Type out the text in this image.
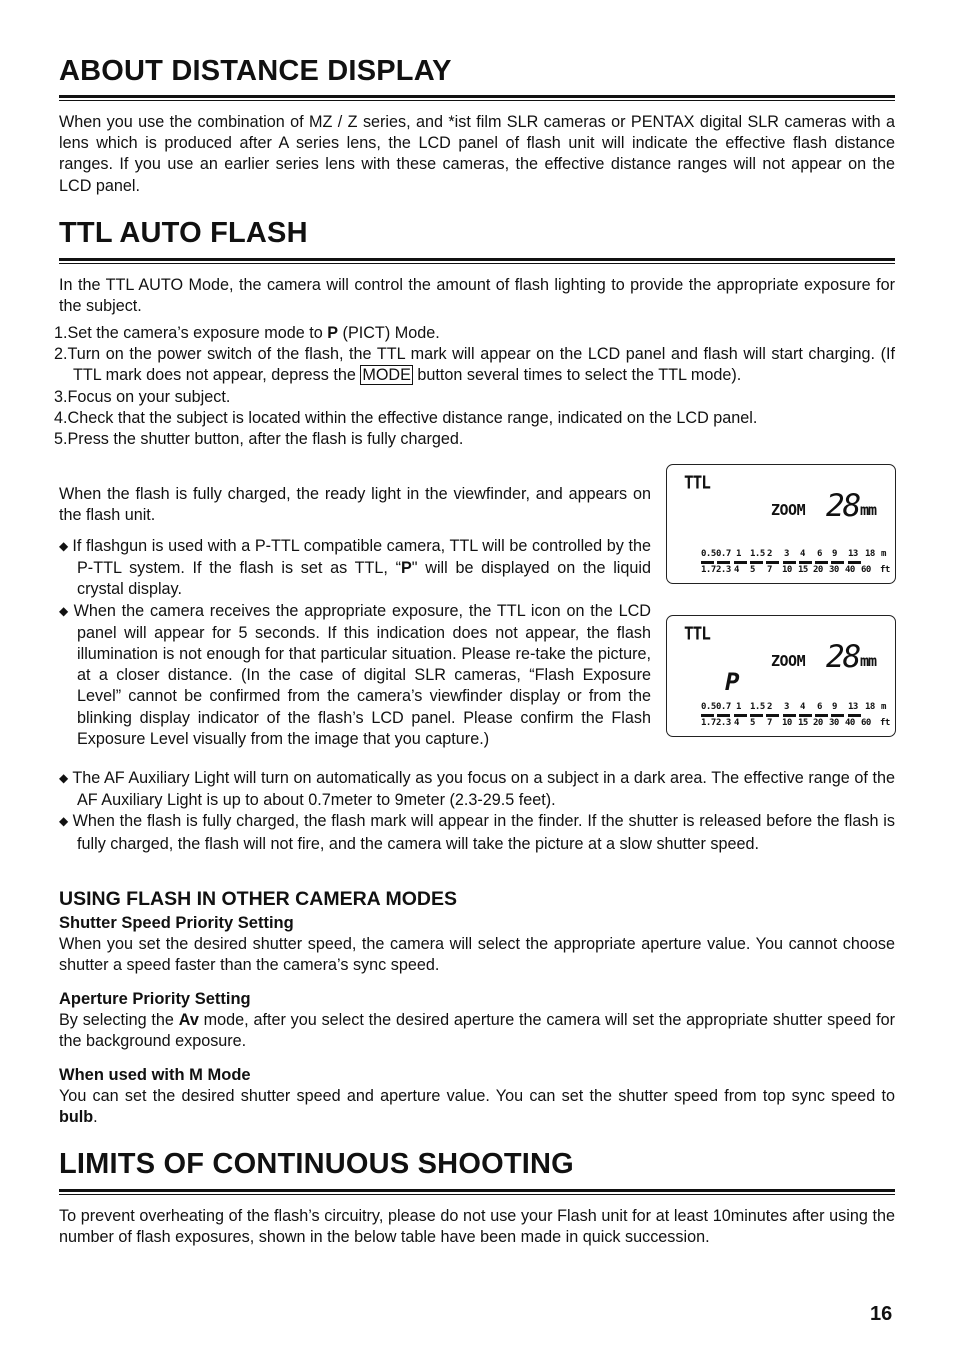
ABOUT DISTANCE DISPLAY

When you use the combination of MZ / Z series, and *ist film SLR cameras or PENTAX digital SLR cameras with a lens which is produced after A series lens, the LCD panel of flash unit will indicate the effective flash distance ranges. If you use an earlier series lens with these cameras, the effective distance ranges will not appear on the LCD panel.

TTL AUTO FLASH

In the TTL AUTO Mode, the camera will control the amount of flash lighting to provide the appropriate exposure for the subject.

1.Set the camera’s exposure mode to P (PICT) Mode.
2.Turn on the power switch of the flash, the TTL mark will appear on the LCD panel and flash will start charging. (If TTL mark does not appear, depress the MODE button several times to select the TTL mode).
3.Focus on your subject.
4.Check that the subject is located within the effective distance range, indicated on the LCD panel.
5.Press the shutter button, after the flash is fully charged.

When the flash is fully charged, the ready light in the viewfinder, and appears on the flash unit.

◆ If flashgun is used with a P-TTL compatible camera, TTL will be controlled by the P-TTL system. If the flash is set as TTL, “P" will be displayed on the liquid crystal display.
◆ When the camera receives the appropriate exposure, the TTL icon on the LCD panel will appear for 5 seconds. If this indication does not appear, the flash illumination is not enough for that particular situation. Please re-take the picture, at a closer distance. (In the case of digital SLR cameras, “Flash Exposure Level” cannot be confirmed from the camera’s viewfinder display or from the blinking display indicator of the flash’s LCD panel. Please confirm the Flash Exposure Level visually from the image that you capture.)
◆ The AF Auxiliary Light will turn on automatically as you focus on a subject in a dark area. The effective range of the AF Auxiliary Light is up to about 0.7meter to 9meter (2.3-29.5 feet).
◆ When the flash is fully charged, the flash mark will appear in the finder. If the shutter is released before the flash is fully charged, the flash will not fire, and the camera will take the picture at a slow shutter speed.
USING FLASH IN OTHER CAMERA MODES
Shutter Speed Priority Setting

When you set the desired shutter speed, the camera will select the appropriate aperture value. You cannot choose shutter a speed faster than the camera’s sync speed.

Aperture Priority Setting

By selecting the Av mode, after you select the desired aperture the camera will set the appropriate shutter speed for the background exposure.

When used with M Mode

You can set the desired shutter speed and aperture value. You can set the shutter speed from top sync speed to bulb.

LIMITS OF CONTINUOUS SHOOTING

To prevent overheating of the flash’s circuitry, please do not use your Flash unit for at least 10minutes after using the number of flash exposures, shown in the below table have been made in quick succession.

TTL
ZOOM 28 mm
0.5 0.7 1 1.5 2 3 4 6 9 13 18 m
1.7 2.3 4 5 7 10 15 20 30 40 60 ft
TTL
ZOOM 28 mm
P
0.5 0.7 1 1.5 2 3 4 6 9 13 18 m
1.7 2.3 4 5 7 10 15 20 30 40 60 ft
16
